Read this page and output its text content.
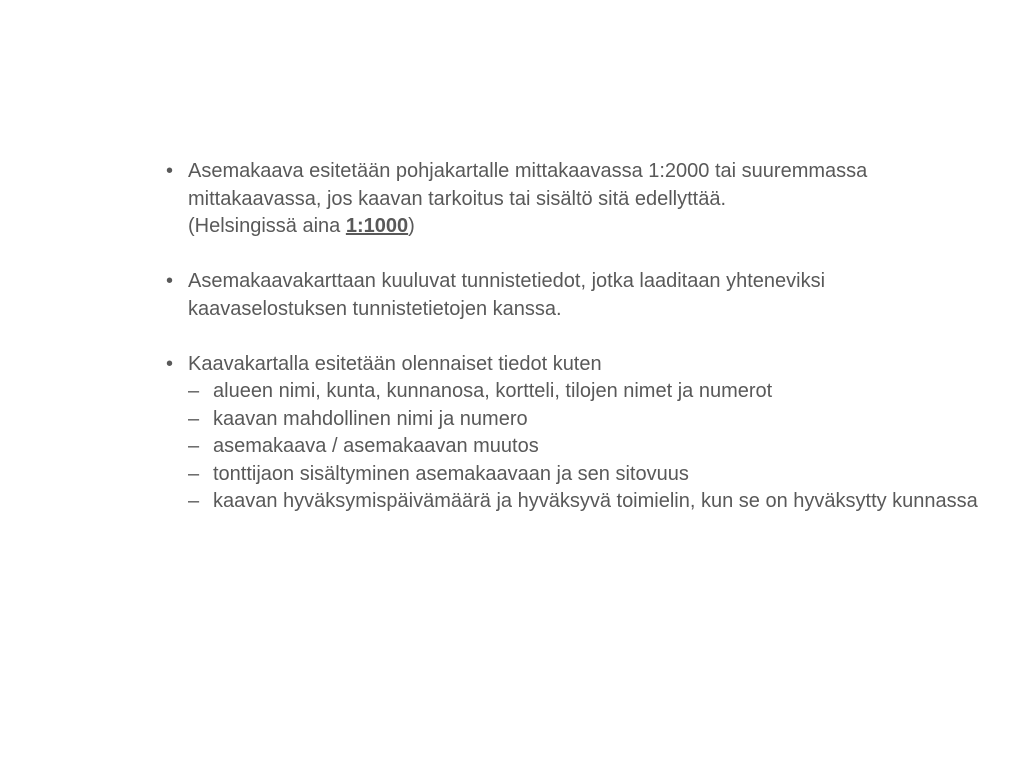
• Asemakaava esitetään pohjakartalle mittakaavassa 1:2000 tai suuremmassa
mittakaavassa, jos kaavan tarkoitus tai sisältö sitä edellyttää.
(Helsingissä aina 1:1000)
• Asemakaavakarttaan kuuluvat tunnistetiedot, jotka laaditaan yhteneviksi
kaavaselostuksen tunnistetietojen kanssa.
• Kaavakartalla esitetään olennaiset tiedot kuten
– alueen nimi, kunta, kunnanosa, kortteli, tilojen nimet ja numerot
– kaavan mahdollinen nimi ja numero
– asemakaava / asemakaavan muutos
– tonttijaon sisältyminen asemakaavaan ja sen sitovuus
– kaavan hyväksymispäivämäärä ja hyväksyvä toimielin, kun se on hyväksytty kunnassa
